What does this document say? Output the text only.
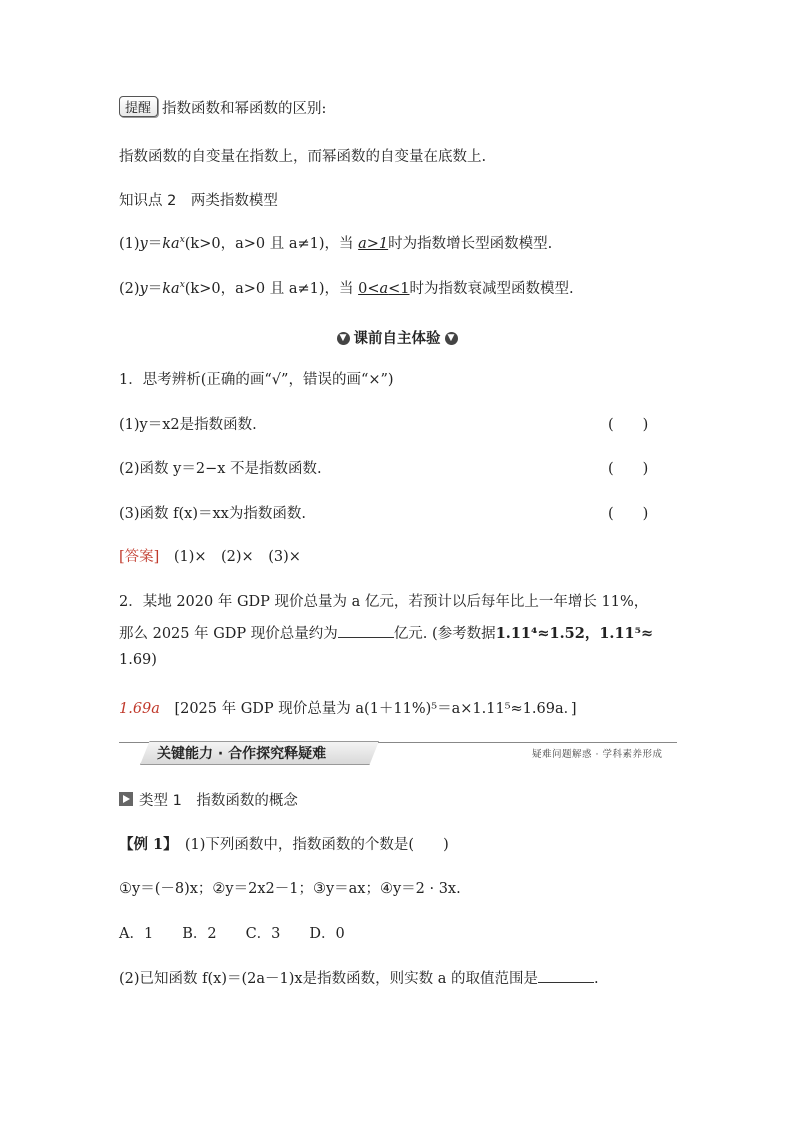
提醒 指数函数和幂函数的区别:
指数函数的自变量在指数上，而幂函数的自变量在底数上.
知识点 2　两类指数模型
$(1)y=ka^x(k>0$，a>0 且 a≠1)，当 a>1时为指数增长型函数模型.
$(2)y=ka^x(k>0$，a>0 且 a≠1)，当 0<a<1时为指数衰减型函数模型.
▼ 课前自主体验 ▼
1．思考辨析(正确的画“√”，错误的画“×”)
(1)y＝x2是指数函数.	(　　)
(2)函数 y＝2−x 不是指数函数.	(　　)
(3)函数 f(x)＝xx为指数函数.	(　　)
[答案]　 (1)×　(2)×　(3)×
2．某地 2020 年 GDP 现价总量为 a 亿元，若预计以后每年比上一年增长 11%，
那么 2025 年 GDP 现价总量约为	亿元. (参考数据1.11⁴≈1.52，1.11⁵≈
1.69)
1.69a　 [2025 年 GDP 现价总量为 a(1＋11%)⁵＝a×1.11⁵≈1.69a．]
关键能力 · 合作探究释疑难	疑难问题解惑 · 学科素养形成
类型 1　指数函数的概念
【例 1】　 (1)下列函数中，指数函数的个数是(　　)
①y＝(－8)x；②y＝2x2－1；③y＝ax；④y＝2 · 3x.
A．1　　B．2　　C．3　　D．0
(2)已知函数 f(x)＝(2a－1)x是指数函数，则实数 a 的取值范围是	.
